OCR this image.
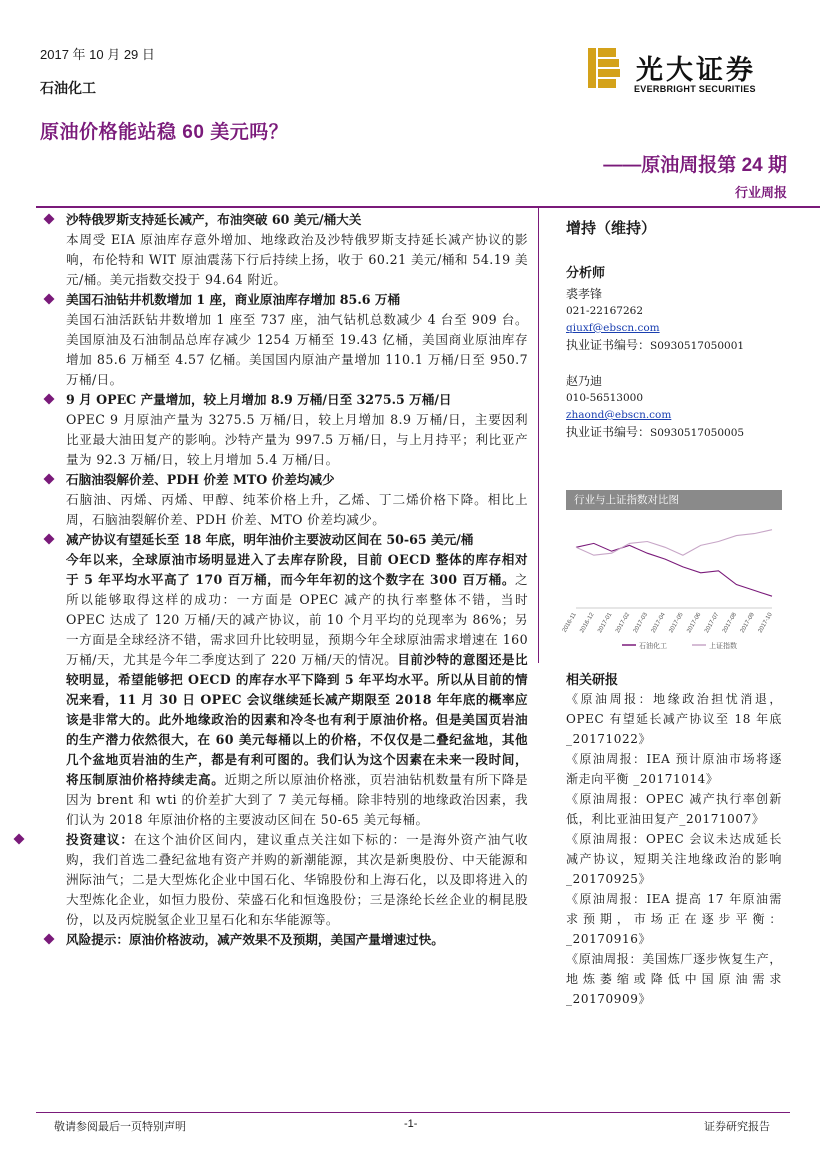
2017 年 10 月 29 日
石油化工
原油价格能站稳 60 美元吗？
光大证券
EVERBRIGHT SECURITIES
——原油周报第 24 期
行业周报
沙特俄罗斯支持延长减产，布油突破 60 美元/桶大关
本周受 EIA 原油库存意外增加、地缘政治及沙特俄罗斯支持延长减产协议的影响，布伦特和 WIT 原油震荡下行后持续上扬，收于 60.21 美元/桶和 54.19 美元/桶。美元指数交投于 94.64 附近。
美国石油钻井机数增加 1 座，商业原油库存增加 85.6 万桶
美国石油活跃钻井数增加 1 座至 737 座，油气钻机总数减少 4 台至 909 台。美国原油及石油制品总库存减少 1254 万桶至 19.43 亿桶，美国商业原油库存增加 85.6 万桶至 4.57 亿桶。美国国内原油产量增加 110.1 万桶/日至 950.7 万桶/日。
9 月 OPEC 产量增加，较上月增加 8.9 万桶/日至 3275.5 万桶/日
OPEC 9 月原油产量为 3275.5 万桶/日，较上月增加 8.9 万桶/日，主要因利比亚最大油田复产的影响。沙特产量为 997.5 万桶/日，与上月持平；利比亚产量为 92.3 万桶/日，较上月增加 5.4 万桶/日。
石脑油裂解价差、PDH 价差 MTO 价差均减少
石脑油、丙烯、丙烯、甲醇、纯苯价格上升，乙烯、丁二烯价格下降。相比上周，石脑油裂解价差、PDH 价差、MTO 价差均减少。
减产协议有望延长至 18 年底，明年油价主要波动区间在 50-65 美元/桶
今年以来，全球原油市场明显进入了去库存阶段，目前 OECD 整体的库存相对于 5 年平均水平高了 170 百万桶，而今年年初的这个数字在 300 百万桶。之所以能够取得这样的成功：一方面是 OPEC 减产的执行率整体不错，当时 OPEC 达成了 120 万桶/天的减产协议，前 10 个月平均的兑现率为 86%；另一方面是全球经济不错，需求回升比较明显，预期今年全球原油需求增速在 160 万桶/天，尤其是今年二季度达到了 220 万桶/天的情况。目前沙特的意图还是比较明显，希望能够把 OECD 的库存水平下降到 5 年平均水平。所以从目前的情况来看，11 月 30 日 OPEC 会议继续延长减产期限至 2018 年年底的概率应该是非常大的。此外地缘政治的因素和冷冬也有利于原油价格。但是美国页岩油的生产潜力依然很大，在 60 美元每桶以上的价格，不仅仅是二叠纪盆地，其他几个盆地页岩油的生产，都是有利可图的。我们认为这个因素在未来一段时间，将压制原油价格持续走高。近期之所以原油价格涨，页岩油钻机数量有所下降是因为 brent 和 wti 的价差扩大到了 7 美元每桶。除非特别的地缘政治因素，我们认为 2018 年原油价格的主要波动区间在 50-65 美元每桶。
投资建议：在这个油价区间内，建议重点关注如下标的：一是海外资产油气收购，我们首选二叠纪盆地有资产并购的新潮能源，其次是新奥股份、中天能源和洲际油气；二是大型炼化企业中国石化、华锦股份和上海石化，以及即将进入的大型炼化企业，如恒力股份、荣盛石化和恒逸股份；三是涤纶长丝企业的桐昆股份，以及丙烷脱氢企业卫星石化和东华能源等。
风险提示：原油价格波动，减产效果不及预期，美国产量增速过快。
增持（维持）
分析师
裘孝锋
021-22167262
qiuxf@ebscn.com
执业证书编号：S0930517050001
赵乃迪
010-56513000
zhaond@ebscn.com
执业证书编号：S0930517050005
行业与上证指数对比图
2016-11 2016-12 2017-01 2017-02 2017-03 2017-04 2017-05 2017-06 2017-07 2017-08 2017-09 2017-10
石油化工	上证指数
相关研报
《原油周报：地缘政治担忧消退，OPEC 有望延长减产协议至 18 年底_20171022》
《原油周报：IEA 预计原油市场将逐渐走向平衡 _20171014》
《原油周报：OPEC 减产执行率创新低，利比亚油田复产_20171007》
《原油周报：OPEC 会议未达成延长减产协议，短期关注地缘政治的影响_20170925》
《原油周报：IEA 提高 17 年原油需求预期，市场正在逐步平衡：_20170916》
《原油周报：美国炼厂逐步恢复生产，地炼萎缩或降低中国原油需求_20170909》
敬请参阅最后一页特别声明	-1-	证券研究报告
